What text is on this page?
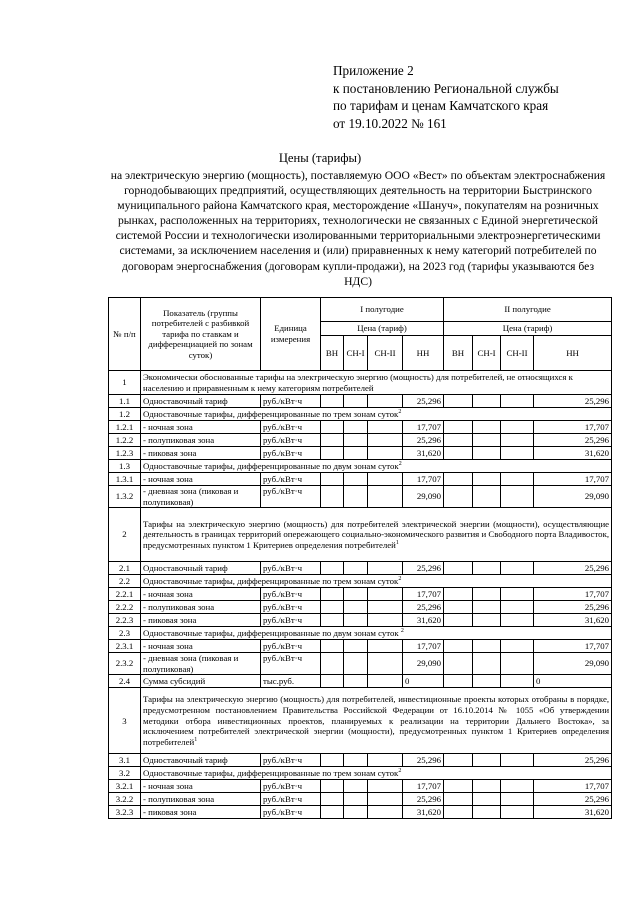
Приложение 2
к постановлению Региональной службы
по тарифам и ценам Камчатского края
от 19.10.2022 № 161
Цены (тарифы)
на электрическую энергию (мощность), поставляемую ООО «Вест» по объектам электроснабжения горнодобывающих предприятий, осуществляющих деятельность на территории Быстринского муниципального района Камчатского края, месторождение «Шануч», покупателям на розничных рынках, расположенных на территориях, технологически не связанных с Единой энергетической системой России и технологически изолированными территориальными электроэнергетическими системами, за исключением населения и (или) приравненных к нему категорий потребителей по договорам энергоснабжения (договорам купли-продажи), на 2023 год (тарифы указываются без НДС)
№ п/п	Показатель (группы потребителей с разбивкой тарифа по ставкам и дифференциацией по зонам суток)	Единица измерения	I полугодие				II полугодие			
			Цена (тариф)				Цена (тариф)			
			ВН	СН-I	СН-II	НН	ВН	СН-I	СН-II	НН
1	Экономически обоснованные тарифы на электрическую энергию (мощность) для потребителей, не относящихся к населению и приравненным к нему категориям потребителей									
1.1	Одноставочный тариф	руб./кВт·ч				25,296				25,296
1.2	Одноставочные тарифы, дифференцированные по трем зонам суток$^2$
1.2.1	- ночная зона	руб./кВт·ч				17,707				17,707
1.2.2	- полупиковая зона	руб./кВт·ч				25,296				25,296
1.2.3	- пиковая зона	руб./кВт·ч				31,620				31,620
1.3	Одноставочные тарифы, дифференцированные по двум зонам суток$^2$
1.3.1	- ночная зона	руб./кВт·ч				17,707				17,707
1.3.2	- дневная зона (пиковая и полупиковая)	руб./кВт·ч				29,090				29,090
2	Тарифы на электрическую энергию (мощность) для потребителей электрической энергии (мощности), осуществляющие деятельность в границах территорий опережающего социально-экономического развития и Свободного порта Владивосток, предусмотренных пунктом 1 Критериев определения потребителей$^1$
2.1	Одноставочный тариф	руб./кВт·ч				25,296				25,296
2.2	Одноставочные тарифы, дифференцированные по трем зонам суток$^2$
2.2.1	- ночная зона	руб./кВт·ч				17,707				17,707
2.2.2	- полупиковая зона	руб./кВт·ч				25,296				25,296
2.2.3	- пиковая зона	руб./кВт·ч				31,620				31,620
2.3	Одноставочные тарифы, дифференцированные по двум зонам суток $^2$
2.3.1	- ночная зона	руб./кВт·ч				17,707				17,707
2.3.2	- дневная зона (пиковая и полупиковая)	руб./кВт·ч				29,090				29,090
2.4	Сумма субсидий	тыс.руб.				0				0
3	Тарифы на электрическую энергию (мощность) для потребителей, инвестиционные проекты которых отобраны в порядке, предусмотренном постановлением Правительства Российской Федерации от 16.10.2014 № 1055 «Об утверждении методики отбора инвестиционных проектов, планируемых к реализации на территории Дальнего Востока», за исключением потребителей электрической энергии (мощности), предусмотренных пунктом 1 Критериев определения потребителей$^1$
3.1	Одноставочный тариф	руб./кВт·ч				25,296				25,296
3.2	Одноставочные тарифы, дифференцированные по трем зонам суток$^2$
3.2.1	- ночная зона	руб./кВт·ч				17,707				17,707
3.2.2	- полупиковая зона	руб./кВт·ч				25,296				25,296
3.2.3	- пиковая зона	руб./кВт·ч				31,620				31,620
